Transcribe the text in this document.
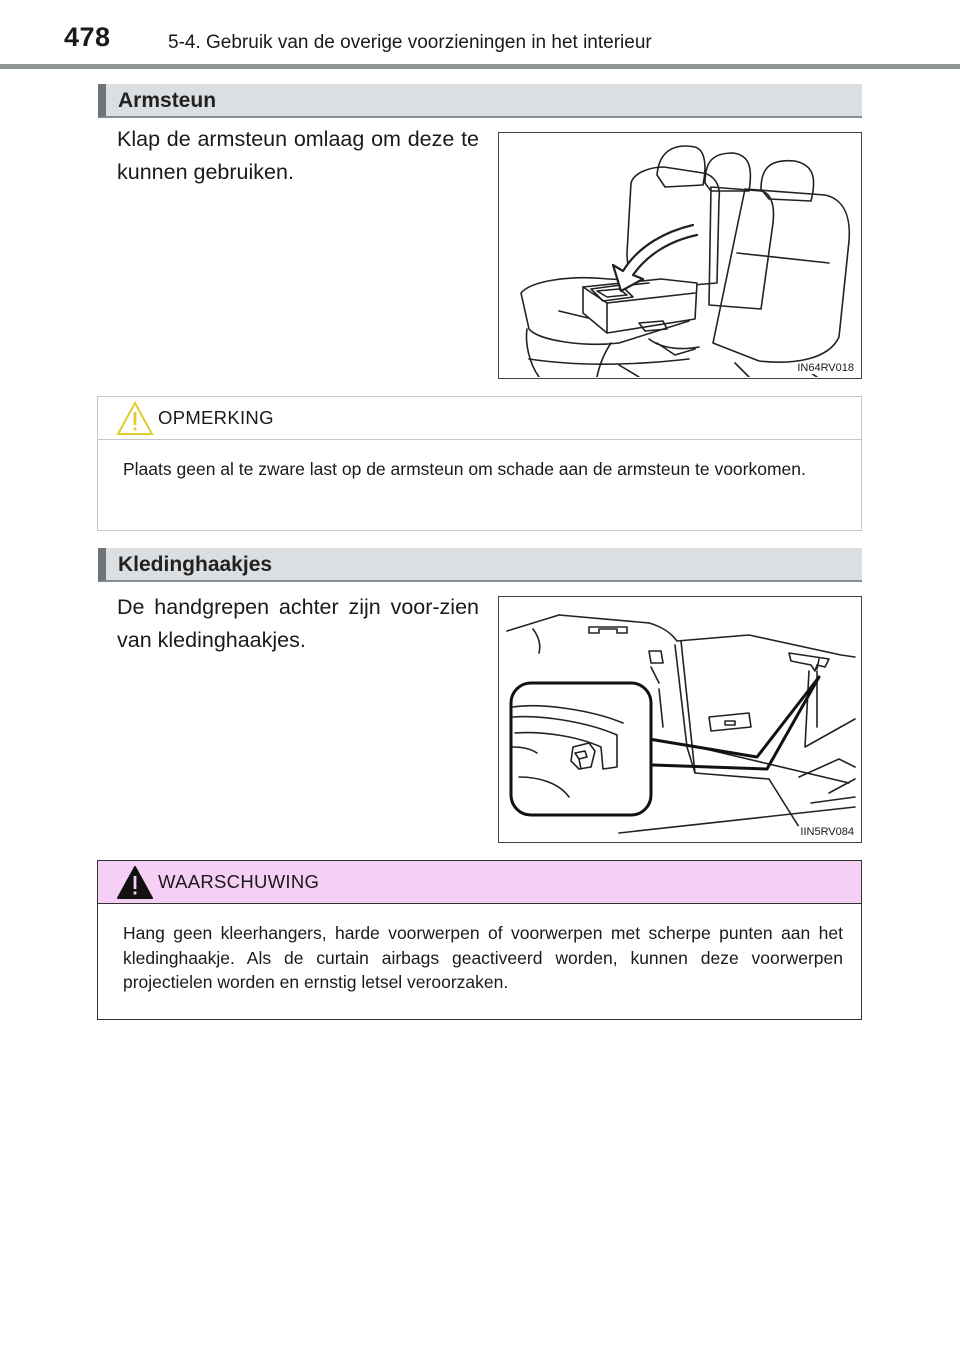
478	5-4. Gebruik van de overige voorzieningen in het interieur
Armsteun
Klap de armsteun omlaag om deze te kunnen gebruiken.
IN64RV018
OPMERKING
Plaats geen al te zware last op de armsteun om schade aan de armsteun te voorkomen.
Kledinghaakjes
De handgrepen achter zijn voor-zien van kledinghaakjes.
IIN5RV084
WAARSCHUWING
Hang geen kleerhangers, harde voorwerpen of voorwerpen met scherpe punten aan het kledinghaakje. Als de curtain airbags geactiveerd worden, kunnen deze voorwerpen projectielen worden en ernstig letsel veroorzaken.
